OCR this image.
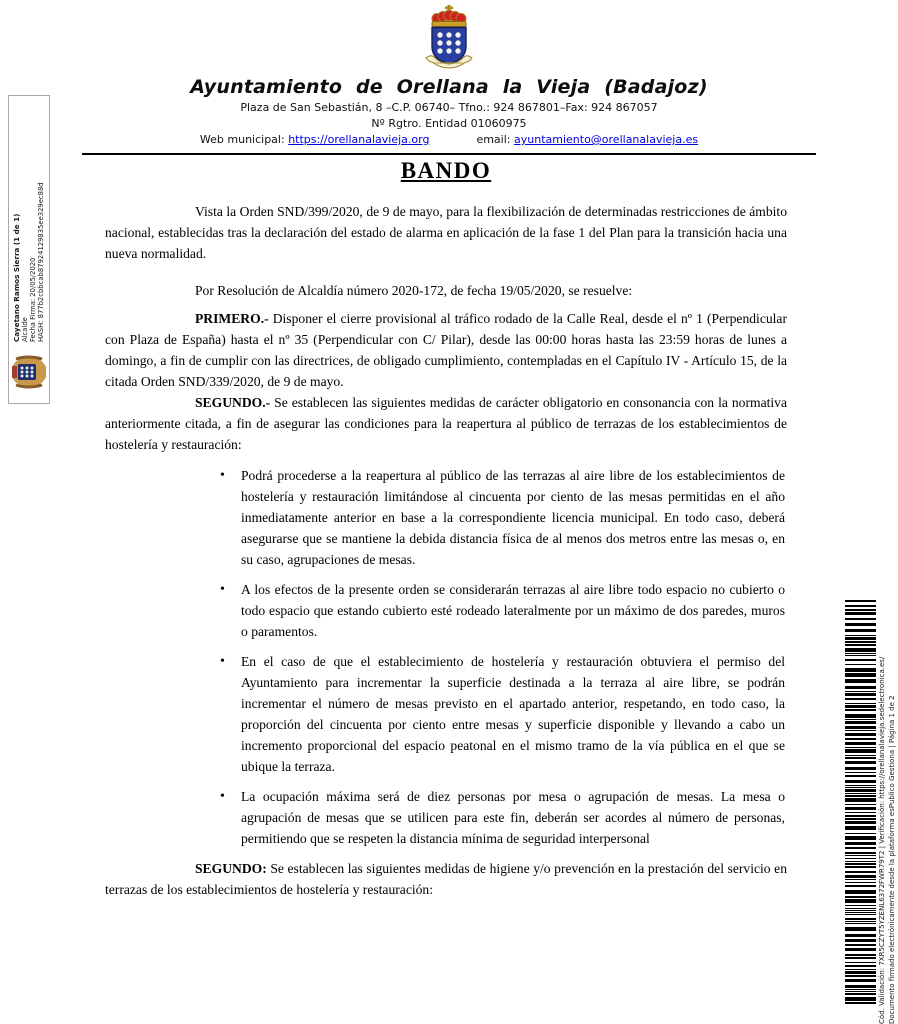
Cayetano Ramos Sierra (1 de 1) Alcalde Fecha Firma: 20/05/2020 HASH: 877b2cbbcab87924129835ee329ec88d
Ayuntamiento de Orellana la Vieja (Badajoz)
Plaza de San Sebastián, 8 –C.P. 06740– Tfno.: 924 867801–Fax: 924 867057
Nº Rgtro. Entidad 01060975
Web municipal: https://orellanalavieja.org	email: ayuntamiento@orellanalavieja.es
BANDO

Vista la Orden SND/399/2020, de 9 de mayo, para la flexibilización de determinadas restricciones de ámbito nacional, establecidas tras la declaración del estado de alarma en aplicación de la fase 1 del Plan para la transición hacia una nueva normalidad.

Por Resolución de Alcaldía número 2020-172, de fecha 19/05/2020, se resuelve:

PRIMERO.- Disponer el cierre provisional al tráfico rodado de la Calle Real, desde el nº 1 (Perpendicular con Plaza de España) hasta el nº 35 (Perpendicular con C/ Pilar), desde las 00:00 horas hasta las 23:59 horas de lunes a domingo, a fin de cumplir con las directrices, de obligado cumplimiento, contempladas en el Capítulo IV - Artículo 15, de la citada Orden SND/339/2020, de 9 de mayo.

SEGUNDO.- Se establecen las siguientes medidas de carácter obligatorio en consonancia con la normativa anteriormente citada, a fin de asegurar las condiciones para la reapertura al público de terrazas de los establecimientos de hostelería y restauración:

• Podrá procederse a la reapertura al público de las terrazas al aire libre de los establecimientos de hostelería y restauración limitándose al cincuenta por ciento de las mesas permitidas en el año inmediatamente anterior en base a la correspondiente licencia municipal. En todo caso, deberá asegurarse que se mantiene la debida distancia física de al menos dos metros entre las mesas o, en su caso, agrupaciones de mesas.
• A los efectos de la presente orden se considerarán terrazas al aire libre todo espacio no cubierto o todo espacio que estando cubierto esté rodeado lateralmente por un máximo de dos paredes, muros o paramentos.
• En el caso de que el establecimiento de hostelería y restauración obtuviera el permiso del Ayuntamiento para incrementar la superficie destinada a la terraza al aire libre, se podrán incrementar el número de mesas previsto en el apartado anterior, respetando, en todo caso, la proporción del cincuenta por ciento entre mesas y superficie disponible y llevando a cabo un incremento proporcional del espacio peatonal en el mismo tramo de la vía pública en el que se ubique la terraza.
• La ocupación máxima será de diez personas por mesa o agrupación de mesas. La mesa o agrupación de mesas que se utilicen para este fin, deberán ser acordes al número de personas, permitiendo que se respeten la distancia mínima de seguridad interpersonal

SEGUNDO: Se establecen las siguientes medidas de higiene y/o prevención en la prestación del servicio en terrazas de los establecimientos de hostelería y restauración:	Cód. Validación: 7XR5CZYT5YZENL6372FWR79T2 | Verificación: https://orellanalavieja.sedelectronica.es/ Documento firmado electrónicamente desde la plataforma esPublico Gestiona | Página 1 de 2
